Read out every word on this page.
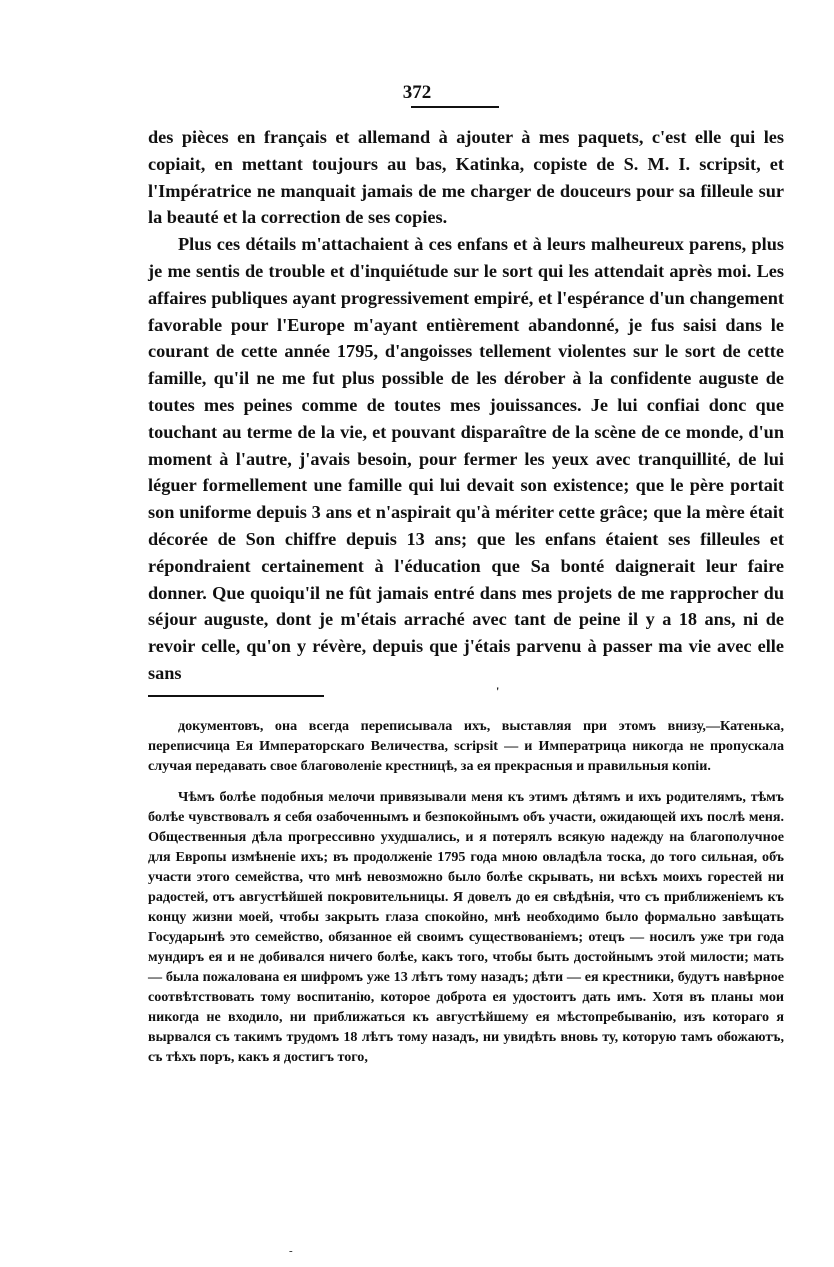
372

des pièces en français et allemand à ajouter à mes paquets, c'est elle qui les copiait, en mettant toujours au bas, Katinka, copiste de S. M. I. scripsit, et l'Impératrice ne manquait jamais de me charger de douceurs pour sa filleule sur la beauté et la correction de ses copies.

Plus ces détails m'attachaient à ces enfans et à leurs malheureux parens, plus je me sentis de trouble et d'inquiétude sur le sort qui les attendait après moi. Les affaires publiques ayant progressivement empiré, et l'espérance d'un changement favorable pour l'Europe m'ayant entièrement abandonné, je fus saisi dans le courant de cette année 1795, d'angoisses tellement violentes sur le sort de cette famille, qu'il ne me fut plus possible de les dérober à la confidente auguste de toutes mes peines comme de toutes mes jouissances. Je lui confiai donc que touchant au terme de la vie, et pouvant disparaître de la scène de ce monde, d'un moment à l'autre, j'avais besoin, pour fermer les yeux avec tranquillité, de lui léguer formellement une famille qui lui devait son existence; que le père portait son uniforme depuis 3 ans et n'aspirait qu'à mériter cette grâce; que la mère était décorée de Son chiffre depuis 13 ans; que les enfans étaient ses filleules et répondraient certainement à l'éducation que Sa bonté daignerait leur faire donner. Que quoiqu'il ne fût jamais entré dans mes projets de me rapprocher du séjour auguste, dont je m'étais arraché avec tant de peine il y a 18 ans, ni de revoir celle, qu'on y révère, depuis que j'étais parvenu à passer ma vie avec elle sans

'

документовъ, она всегда переписывала ихъ, выставляя при этомъ внизу,—Катенька, переписчица Ея Императорскаго Величества, scripsit — и Императрица никогда не пропускала случая передавать свое благоволеніе крестницѣ, за ея прекрасныя и правильныя копіи.

Чѣмъ болѣе подобныя мелочи привязывали меня къ этимъ дѣтямъ и ихъ родителямъ, тѣмъ болѣе чувствовалъ я себя озабоченнымъ и безпокойнымъ объ участи, ожидающей ихъ послѣ меня. Общественныя дѣла прогрессивно ухудшались, и я потерялъ всякую надежду на благополучное для Европы измѣненіе ихъ; въ продолженіе 1795 года мною овладѣла тоска, до того сильная, объ участи этого семейства, что мнѣ невозможно было болѣе скрывать, ни всѣхъ моихъ горестей ни радостей, отъ августѣйшей покровительницы. Я довелъ до ея свѣдѣнія, что съ приближеніемъ къ концу жизни моей, чтобы закрыть глаза спокойно, мнѣ необходимо было формально завѣщать Государынѣ это семейство, обязанное ей своимъ существованіемъ; отецъ — носилъ уже три года мундиръ ея и не добивался ничего болѣе, какъ того, чтобы быть достойнымъ этой милости; мать — была пожалована ея шифромъ уже 13 лѣтъ тому назадъ; дѣти — ея крестники, будутъ навѣрное соотвѣтствовать тому воспитанію, которое доброта ея удостоитъ дать имъ. Хотя въ планы мои никогда не входило, ни приближаться къ августѣйшему ея мѣстопребыванію, изъ котораго я вырвался съ такимъ трудомъ 18 лѣтъ тому назадъ, ни увидѣть вновь ту, которую тамъ обожаютъ, съ тѣхъ поръ, какъ я достигъ того,

-
